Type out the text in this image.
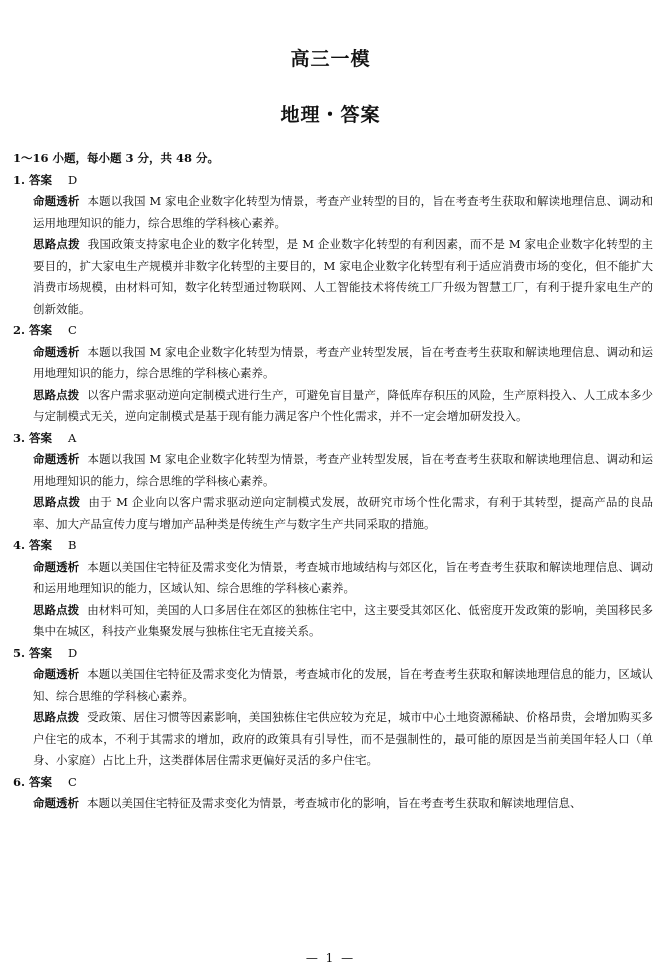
高三一模
地理・答案

1～16 小题，每小题 3 分，共 48 分。

1. 答案 D

命题透析 本题以我国 M 家电企业数字化转型为情景，考查产业转型的目的，旨在考查考生获取和解读地理信息、调动和运用地理知识的能力，综合思维的学科核心素养。

思路点拨 我国政策支持家电企业的数字化转型，是 M 企业数字化转型的有利因素，而不是 M 家电企业数字化转型的主要目的，扩大家电生产规模并非数字化转型的主要目的，M 家电企业数字化转型有利于适应消费市场的变化，但不能扩大消费市场规模，由材料可知，数字化转型通过物联网、人工智能技术将传统工厂升级为智慧工厂，有利于提升家电生产的创新效能。

2. 答案 C

命题透析 本题以我国 M 家电企业数字化转型为情景，考查产业转型发展，旨在考查考生获取和解读地理信息、调动和运用地理知识的能力，综合思维的学科核心素养。

思路点拨 以客户需求驱动逆向定制模式进行生产，可避免盲目量产，降低库存积压的风险，生产原料投入、人工成本多少与定制模式无关，逆向定制模式是基于现有能力满足客户个性化需求，并不一定会增加研发投入。

3. 答案 A

命题透析 本题以我国 M 家电企业数字化转型为情景，考查产业转型发展，旨在考查考生获取和解读地理信息、调动和运用地理知识的能力，综合思维的学科核心素养。

思路点拨 由于 M 企业向以客户需求驱动逆向定制模式发展，故研究市场个性化需求，有利于其转型，提高产品的良品率、加大产品宣传力度与增加产品种类是传统生产与数字生产共同采取的措施。

4. 答案 B

命题透析 本题以美国住宅特征及需求变化为情景，考查城市地域结构与郊区化，旨在考查考生获取和解读地理信息、调动和运用地理知识的能力，区域认知、综合思维的学科核心素养。

思路点拨 由材料可知，美国的人口多居住在郊区的独栋住宅中，这主要受其郊区化、低密度开发政策的影响，美国移民多集中在城区，科技产业集聚发展与独栋住宅无直接关系。

5. 答案 D

命题透析 本题以美国住宅特征及需求变化为情景，考查城市化的发展，旨在考查考生获取和解读地理信息的能力，区域认知、综合思维的学科核心素养。

思路点拨 受政策、居住习惯等因素影响，美国独栋住宅供应较为充足，城市中心土地资源稀缺、价格昂贵，会增加购买多户住宅的成本，不利于其需求的增加，政府的政策具有引导性，而不是强制性的，最可能的原因是当前美国年轻人口（单身、小家庭）占比上升，这类群体居住需求更偏好灵活的多户住宅。

6. 答案 C

命题透析 本题以美国住宅特征及需求变化为情景，考查城市化的影响，旨在考查考生获取和解读地理信息、

— 1 —
